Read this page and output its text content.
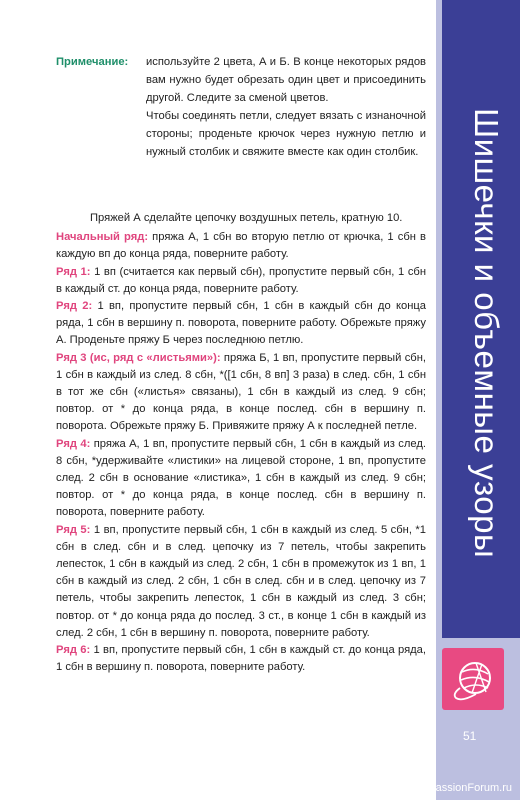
Шишечки и объемные узоры
51
PassionForum.ru
Примечание: используйте 2 цвета, А и Б. В конце некоторых рядов вам нужно будет обрезать один цвет и присоединить другой. Следите за сменой цветов.

Чтобы соединять петли, следует вязать с изнаночной стороны; проденьте крючок через нужную петлю и нужный столбик и свяжите вместе как один столбик.

Пряжей А сделайте цепочку воздушных петель, кратную 10.

Начальный ряд: пряжа А, 1 сбн во вторую петлю от крючка, 1 сбн в каждую вп до конца ряда, поверните работу.

Ряд 1: 1 вп (считается как первый сбн), пропустите первый сбн, 1 сбн в каждый ст. до конца ряда, поверните работу.

Ряд 2: 1 вп, пропустите первый сбн, 1 сбн в каждый сбн до конца ряда, 1 сбн в вершину п. поворота, поверните работу. Обрежьте пряжу А. Проденьте пряжу Б через последнюю петлю.

Ряд 3 (ис, ряд с «листьями»): пряжа Б, 1 вп, пропустите первый сбн, 1 сбн в каждый из след. 8 сбн, *([1 сбн, 8 вп] 3 раза) в след. сбн, 1 сбн в тот же сбн («листья» связаны), 1 сбн в каждый из след. 9 сбн; повтор. от * до конца ряда, в конце послед. сбн в вершину п. поворота. Обрежьте пряжу Б. Привяжите пряжу А к последней петле.

Ряд 4: пряжа А, 1 вп, пропустите первый сбн, 1 сбн в каждый из след. 8 сбн, *удерживайте «листики» на лицевой стороне, 1 вп, пропустите след. 2 сбн в основание «листика», 1 сбн в каждый из след. 9 сбн; повтор. от * до конца ряда, в конце послед. сбн в вершину п. поворота, поверните работу.

Ряд 5: 1 вп, пропустите первый сбн, 1 сбн в каждый из след. 5 сбн, *1 сбн в след. сбн и в след. цепочку из 7 петель, чтобы закрепить лепесток, 1 сбн в каждый из след. 2 сбн, 1 сбн в промежуток из 1 вп, 1 сбн в каждый из след. 2 сбн, 1 сбн в след. сбн и в след. цепочку из 7 петель, чтобы закрепить лепесток, 1 сбн в каждый из след. 3 сбн; повтор. от * до конца ряда до послед. 3 ст., в конце 1 сбн в каждый из след. 2 сбн, 1 сбн в вершину п. поворота, поверните работу.

Ряд 6: 1 вп, пропустите первый сбн, 1 сбн в каждый ст. до конца ряда, 1 сбн в вершину п. поворота, поверните работу.
